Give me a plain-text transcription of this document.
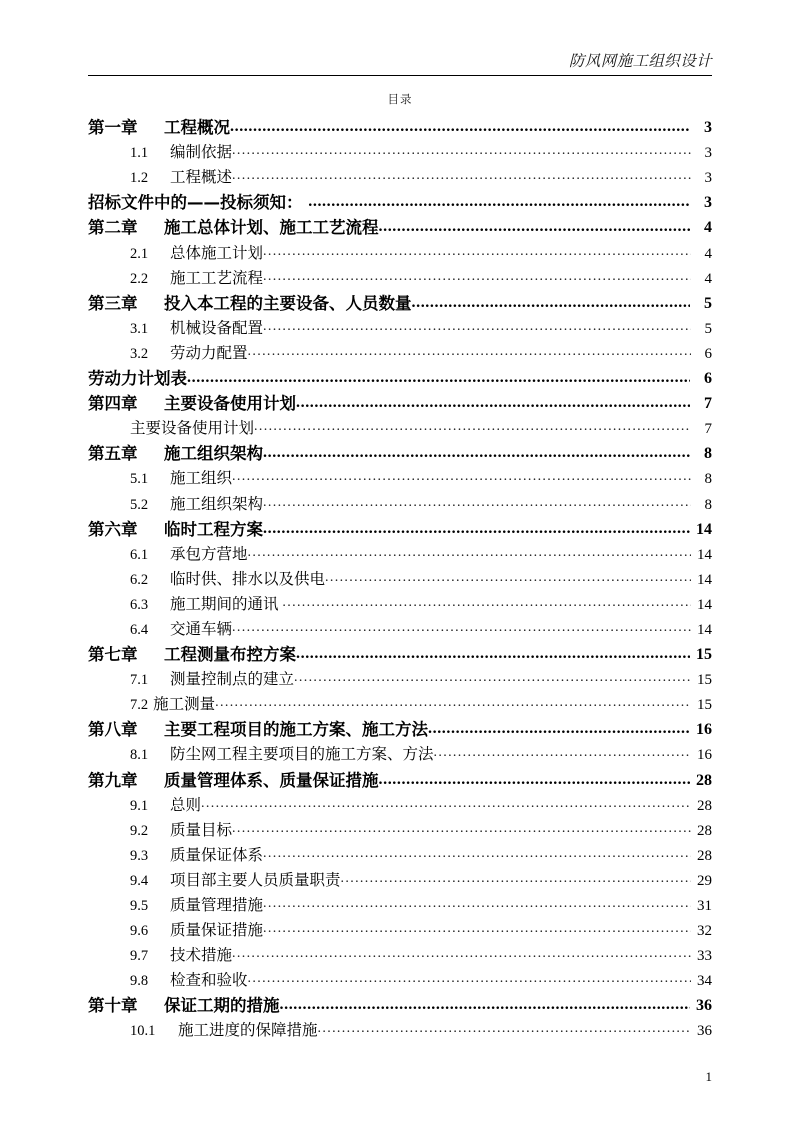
防风网施工组织设计
目录
第一章 工程概况 .....	3
1.1 编制依据 .....	3
1.2 工程概述 .....	3
招标文件中的——投标须知： .....	3
第二章 施工总体计划、施工工艺流程 .....	4
2.1 总体施工计划 .....	4
2.2 施工工艺流程 .....	4
第三章 投入本工程的主要设备、人员数量 .....	5
3.1 机械设备配置 .....	5
3.2 劳动力配置 .....	6
劳动力计划表 .....	6
第四章 主要设备使用计划 .....	7
主要设备使用计划 .....	7
第五章 施工组织架构 .....	8
5.1 施工组织 .....	8
5.2 施工组织架构 .....	8
第六章 临时工程方案 .....	14
6.1 承包方营地 .....	14
6.2 临时供、排水以及供电 .....	14
6.3 施工期间的通讯 .....	14
6.4 交通车辆 .....	14
第七章 工程测量布控方案 .....	15
7.1 测量控制点的建立 .....	15
7.2 施工测量 .....	15
第八章 主要工程项目的施工方案、施工方法 .....	16
8.1 防尘网工程主要项目的施工方案、方法 .....	16
第九章 质量管理体系、质量保证措施 .....	28
9.1 总则 .....	28
9.2 质量目标 .....	28
9.3 质量保证体系 .....	28
9.4 项目部主要人员质量职责 .....	29
9.5 质量管理措施 .....	31
9.6 质量保证措施 .....	32
9.7 技术措施 .....	33
9.8 检查和验收 .....	34
第十章 保证工期的措施 .....	36
10.1 施工进度的保障措施 .....	36
1
